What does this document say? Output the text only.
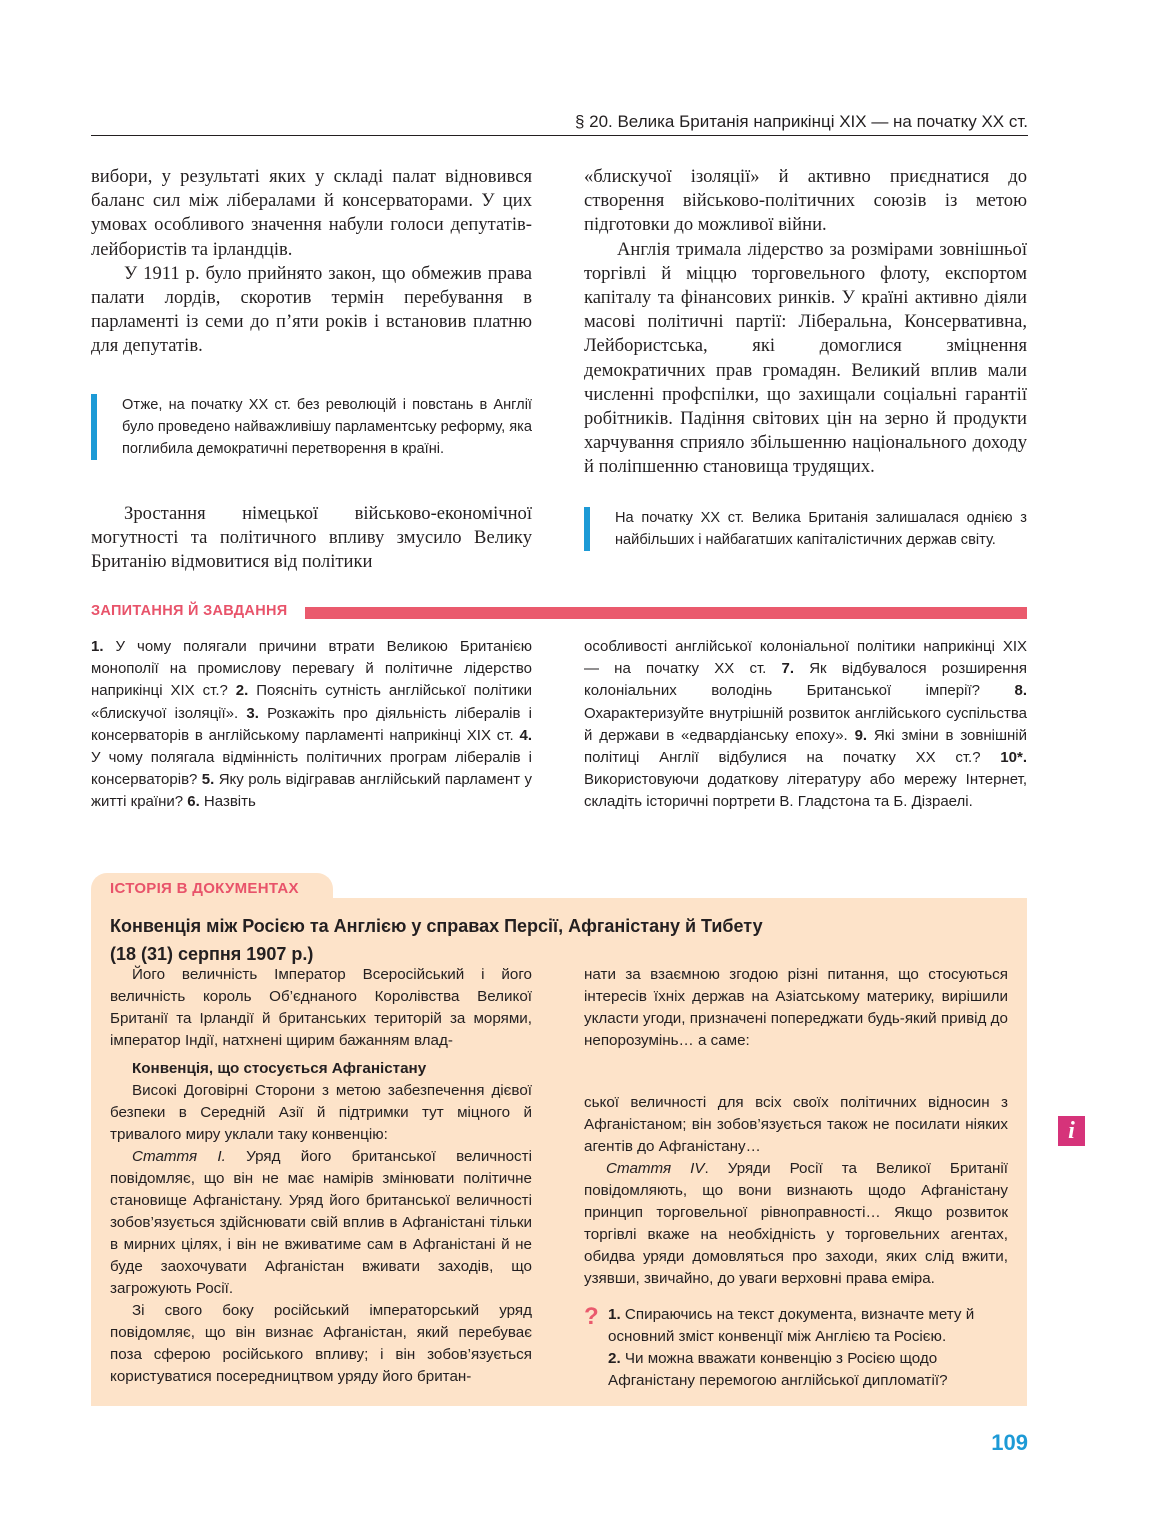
§ 20. Велика Британія наприкінці XIX — на початку XX ст.

вибори, у результаті яких у складі палат відновився баланс сил між лібералами й консерваторами. У цих умовах особливого значення набули голоси депутатів-лейбористів та ірландців.

У 1911 р. було прийнято закон, що обмежив права палати лордів, скоротив термін перебування в парламенті із семи до п’яти років і встановив платню для депутатів.

Отже, на початку XX ст. без революцій і повстань в Англії було проведено найважливішу парламентську реформу, яка поглибила демократичні перетворення в країні.

Зростання німецької військово-економічної могутності та політичного впливу змусило Велику Британію відмовитися від політики

«блискучої ізоляції» й активно приєднатися до створення військово-політичних союзів із метою підготовки до можливої війни.

Англія тримала лідерство за розмірами зовнішньої торгівлі й міццю торговельного флоту, експортом капіталу та фінансових ринків. У країні активно діяли масові політичні партії: Ліберальна, Консервативна, Лейбористська, які домоглися зміцнення демократичних прав громадян. Великий вплив мали численні профспілки, що захищали соціальні гарантії робітників. Падіння світових цін на зерно й продукти харчування сприяло збільшенню національного доходу й поліпшенню становища трудящих.

На початку XX ст. Велика Британія залишалася однією з найбільших і найбагатших капіталістичних держав світу.

ЗАПИТАННЯ Й ЗАВДАННЯ
1. У чому полягали причини втрати Великою Британією монополії на промислову перевагу й політичне лідерство наприкінці XIX ст.? 2. Поясніть сутність англійської політики «блискучої ізоляції». 3. Розкажіть про діяльність лібералів і консерваторів в англійському парламенті наприкінці XIX ст. 4. У чому полягала відмінність політичних програм лібералів і консерваторів? 5. Яку роль відігравав англійський парламент у житті країни? 6. Назвіть
особливості англійської колоніальної політики наприкінці XIX — на початку XX ст. 7. Як відбувалося розширення колоніальних володінь Британської імперії? 8. Охарактеризуйте внутрішній розвиток англійського суспільства й держави в «едвардіанську епоху». 9. Які зміни в зовнішній політиці Англії відбулися на початку XX ст.? 10*. Використовуючи додаткову літературу або мережу Інтернет, складіть історичні портрети В. Гладстона та Б. Дізраелі.
ІСТОРІЯ В ДОКУМЕНТАХ
Конвенція між Росією та Англією у справах Персії, Афганістану й Тибету
(18 (31) серпня 1907 р.)

Його величність Імператор Всеросійський і його величність король Об’єднаного Королівства Великої Британії та Ірландії й британських територій за морями, імператор Індії, натхнені щирим бажанням влад-

Конвенція, що стосується Афганістану

Високі Договірні Сторони з метою забезпечення дієвої безпеки в Середній Азії й підтримки тут міцного й тривалого миру уклали таку конвенцію:

Стаття I. Уряд його британської величності повідомляє, що він не має намірів змінювати політичне становище Афганістану. Уряд його британської величності зобов’язується здійснювати свій вплив в Афганістані тільки в мирних цілях, і він не вживатиме сам в Афганістані й не буде заохочувати Афганістан вживати заходів, що загрожують Росії.

Зі свого боку російський імператорський уряд повідомляє, що він визнає Афганістан, який перебуває поза сферою російського впливу; і він зобов’язується користуватися посередництвом уряду його британ-

нати за взаємною згодою різні питання, що стосуються інтересів їхніх держав на Азіатському материку, вирішили укласти угоди, призначені попереджати будь-який привід до непорозумінь… а саме:

ської величності для всіх своїх політичних відносин з Афганістаном; він зобов’язується також не посилати ніяких агентів до Афганістану…

Стаття IV. Уряди Росії та Великої Британії повідомляють, що вони визнають щодо Афганістану принцип торговельної рівноправності… Якщо розвиток торгівлі вкаже на необхідність у торговельних агентах, обидва уряди домовляться про заходи, яких слід вжити, узявши, звичайно, до уваги верховні права еміра.

? 1. Спираючись на текст документа, визначте мету й основний зміст конвенції між Англією та Росією.

2. Чи можна вважати конвенцію з Росією щодо Афганістану перемогою англійської дипломатії?

i
109
